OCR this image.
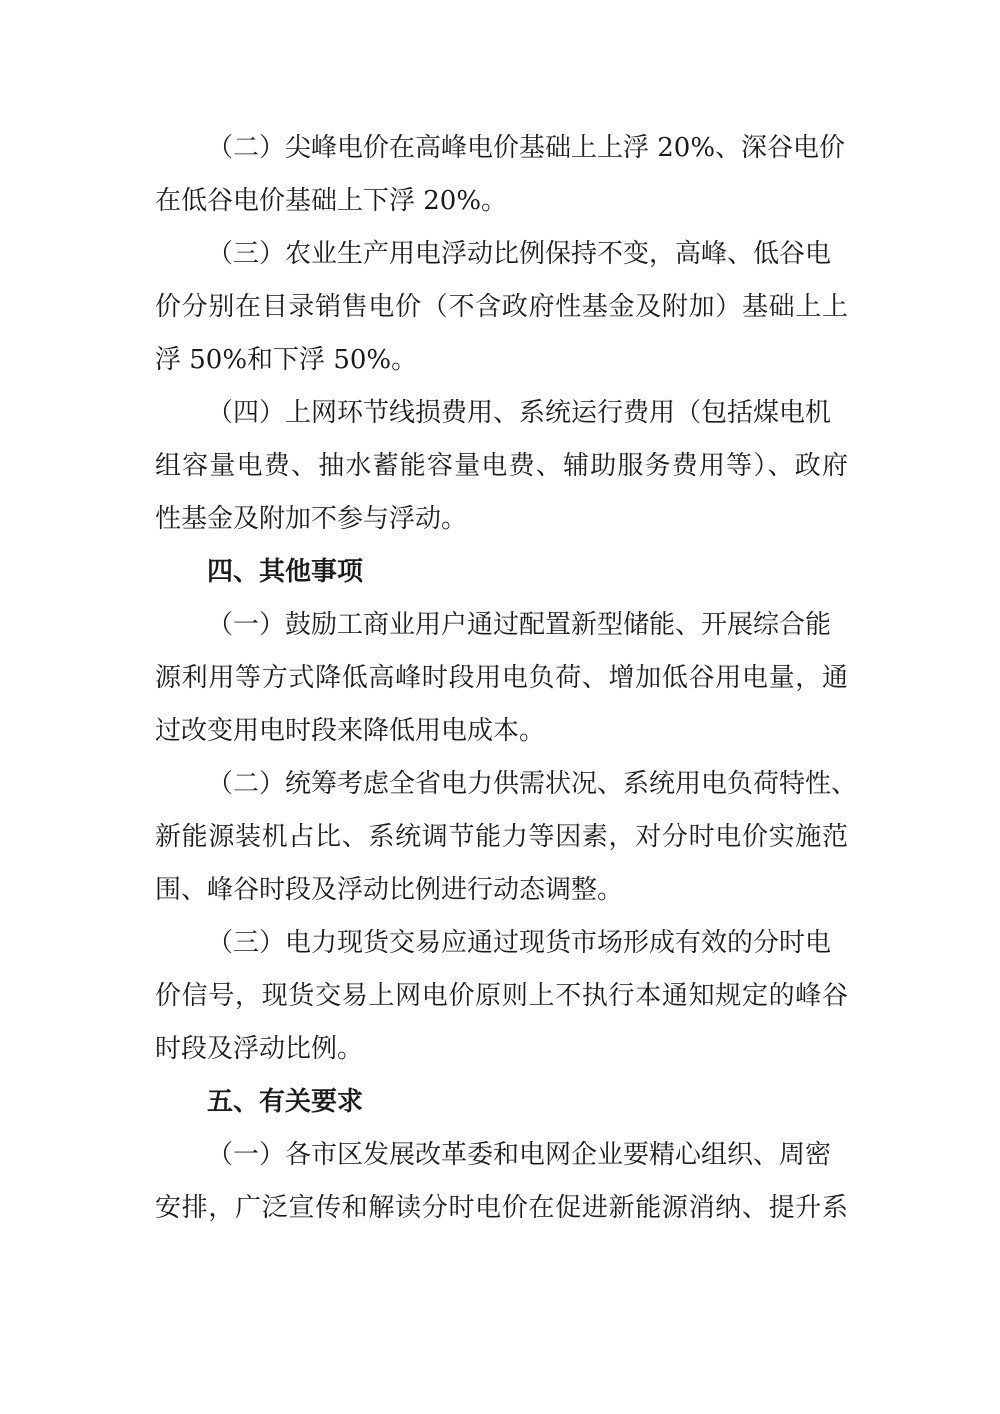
（二）尖峰电价在高峰电价基础上上浮 20%、深谷电价
在低谷电价基础上下浮 20%。
（三）农业生产用电浮动比例保持不变，高峰、低谷电
价分别在目录销售电价（不含政府性基金及附加）基础上上
浮 50%和下浮 50%。
（四）上网环节线损费用、系统运行费用（包括煤电机
组容量电费、抽水蓄能容量电费、辅助服务费用等）、政府
性基金及附加不参与浮动。
四、其他事项
（一）鼓励工商业用户通过配置新型储能、开展综合能
源利用等方式降低高峰时段用电负荷、增加低谷用电量，通
过改变用电时段来降低用电成本。
（二）统筹考虑全省电力供需状况、系统用电负荷特性、
新能源装机占比、系统调节能力等因素，对分时电价实施范
围、峰谷时段及浮动比例进行动态调整。
（三）电力现货交易应通过现货市场形成有效的分时电
价信号，现货交易上网电价原则上不执行本通知规定的峰谷
时段及浮动比例。
五、有关要求
（一）各市区发展改革委和电网企业要精心组织、周密
安排，广泛宣传和解读分时电价在促进新能源消纳、提升系
